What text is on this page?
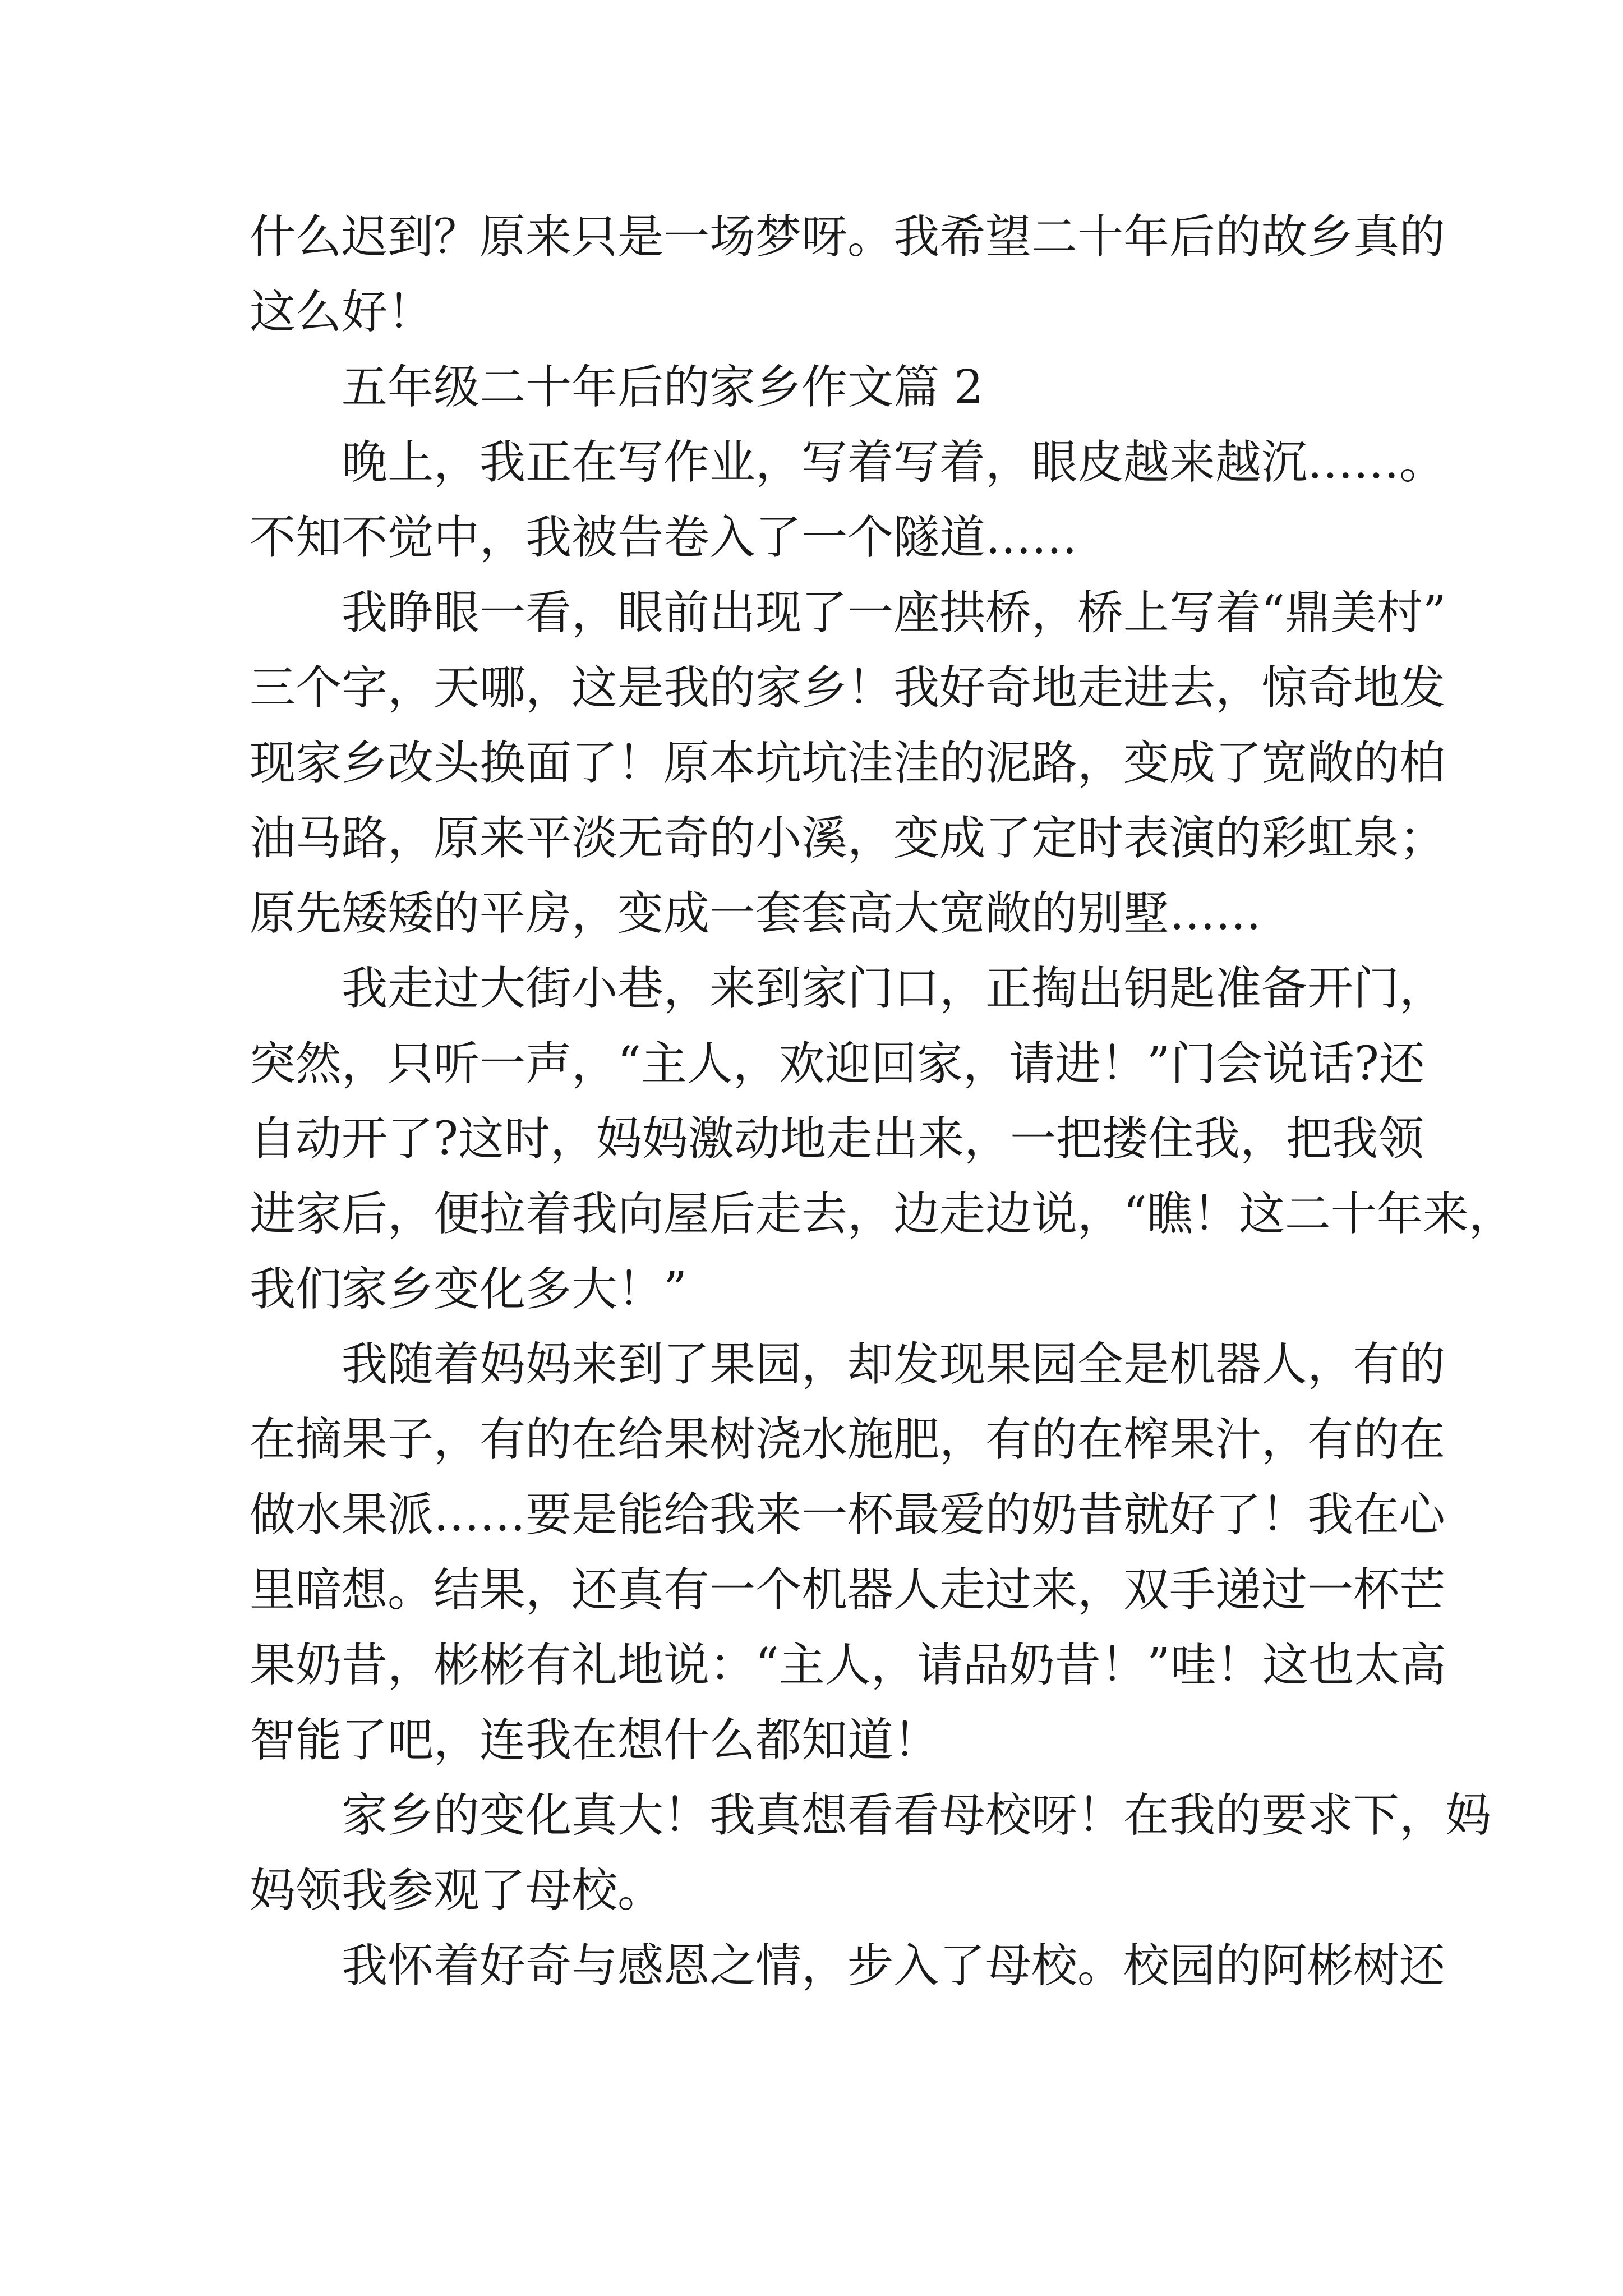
什么迟到？原来只是一场梦呀。我希望二十年后的故乡真的
这么好！
五年级二十年后的家乡作文篇 2
晚上，我正在写作业，写着写着，眼皮越来越沉……。
不知不觉中，我被告卷入了一个隧道……
我睁眼一看，眼前出现了一座拱桥，桥上写着“鼎美村”
三个字，天哪，这是我的家乡！我好奇地走进去，惊奇地发
现家乡改头换面了！原本坑坑洼洼的泥路，变成了宽敞的柏
油马路，原来平淡无奇的小溪，变成了定时表演的彩虹泉；
原先矮矮的平房，变成一套套高大宽敞的别墅……
我走过大街小巷，来到家门口，正掏出钥匙准备开门，
突然，只听一声，“主人，欢迎回家，请进！”门会说话?还
自动开了?这时，妈妈激动地走出来，一把搂住我，把我领
进家后，便拉着我向屋后走去，边走边说，“瞧！这二十年来，
我们家乡变化多大！”
我随着妈妈来到了果园，却发现果园全是机器人，有的
在摘果子，有的在给果树浇水施肥，有的在榨果汁，有的在
做水果派……要是能给我来一杯最爱的奶昔就好了！我在心
里暗想。结果，还真有一个机器人走过来，双手递过一杯芒
果奶昔，彬彬有礼地说：“主人，请品奶昔！”哇！这也太高
智能了吧，连我在想什么都知道！
家乡的变化真大！我真想看看母校呀！在我的要求下，妈
妈领我参观了母校。
我怀着好奇与感恩之情，步入了母校。校园的阿彬树还
